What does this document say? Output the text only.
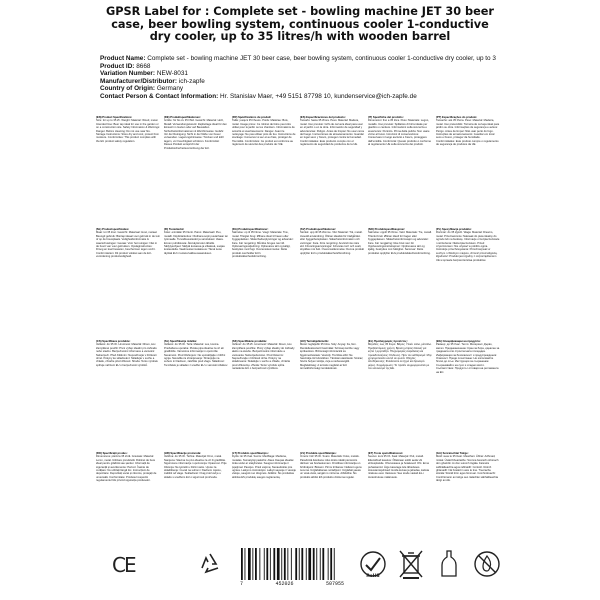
GPSR Label for : Complete set - bowling machine JET 30 beer case, beer bowling system, continuous cooler 1-conductive dry cooler, up to 35 litres/h with wooden barrel
Product Name: Complete set - bowling machine JET 30 beer case, beer bowling system, continuous cooler 1-conductive dry cooler, up to 3
Product ID: 8668
Variation Number: NEW-8031
Manufacturer/Distributor: ich-zapfe
Country of Origin: Germany
Contact Person & Contact Information: Hr. Stanislav Maer, +49 5151 87798 10, kundenservice@ich-zapfe.de
(EN) Product Specifications:
Size: for up to 35 l/h. Weight: Material: Wood, metal. Intended Use: Beer tap ideal for use in the garden or on a construction site. Safety Information & Warnings: Danger. Before cleaning: Do not use near fire. Storage Instructions: Store dry and cool, protect from moisture. Conformities: This product complies with the EU product safety regulation.
(DE) Produktspezifikationen:
Größe: für bis zu 35 l/Std. Gewicht: Material: Holz, Metall. Verwendungszweck: Zapfanlage ideal für den Einsatz im Garten oder auf Baustellen. Sicherheitsinformationen & Warnhinweise: Gefahr. Vor der Reinigung: Nicht in der Nähe von Feuer verwenden. Lagerungshinweise: Trocken und kühl lagern, vor Feuchtigkeit schützen. Konformität: Dieses Produkt entspricht der Produktsicherheitsverordnung der EU.
(FR) Spécifications du produit:
Taille: jusqu'à 35 l/heure. Poids: Matériau: Bois, métal. Usage prévu: Ce robinet de bière peut être utilisé pour le jardin ou les chantiers. Informations de sécurité et avertissements: Danger. Avant le nettoyage: Ne pas utiliser près du feu. Instructions de stockage: Conserver à sec et au frais, protéger de l'humidité. Conformités: Ce produit est conforme au règlement de sécurité des produits de l'UE.
(ES) Especificaciones del producto:
Tamaño: hasta 35 l/hora. Peso: Material: Madera, metal. Uso previsto: Grifo de cerveza ideal para usar en el jardín o en la obra. Información de seguridad y advertencias: Peligro. Antes de limpiar: No usar cerca del fuego. Instrucciones de almacenamiento: Guardar en lugar seco y fresco, proteger contra la humedad. Conformidades: Este producto cumple con el reglamento de seguridad de productos de la UE.
(IT) Specifiche del prodotto:
Dimensioni: fino a 35 l/ora. Peso: Materiale: Legno, metallo. Uso previsto: Spillatore di birra ideale per giardino o cantiere. Informazioni sulla sicurezza e avvertenze: Pericolo. Prima della pulizia: Non usare vicino al fuoco. Istruzioni di conservazione: Conservare in luogo asciutto e fresco, proteggere dall'umidità. Conformità: Questo prodotto è conforme al regolamento UE sulla sicurezza dei prodotti.
(PT) Especificações do produto:
Tamanho: até 35 l/hora. Peso: Material: Madeira, metal. Uso pretendido: Torneira de cerveja ideal para jardim ou obra. Informações de segurança e avisos: Perigo. Antes de limpar: Não usar perto do fogo. Instruções de armazenamento: Guardar em local seco e fresco, proteger da humidade. Conformidades: Este produto cumpre o regulamento de segurança de produtos da UE.
(NL) Productspecificaties:
Maat: tot 35 l/uur. Gewicht: Materiaal: Hout, metaal. Beoogd gebruik: Biertap ideaal voor gebruik in de tuin of op de bouwplaats. Veiligheidsinformatie & waarschuwingen: Gevaar. Voor het reinigen: Niet in de buurt van vuur gebruiken. Opslaginstructies: Droog en koel bewaren, beschermen tegen vocht. Conformiteiten: Dit product voldoet aan de EU-verordening productveiligheid.
(FI) Tuotetiedot:
Koko: enintään 35 l/tunti. Paino: Materiaali: Puu, metalli. Käyttötarkoitus: Oluthana sopii puutarhaan tai työmaalle. Turvallisuustiedot ja varoitukset: Vaara. Ennen puhdistusta: Älä käytä tulen lähellä. Säilytysohjeet: Säilytä kuivassa ja viileässä, suojaa kosteudelta. Vaatimustenmukaisuus: Tämä tuote täyttää EU:n tuoteturvallisuusasetuksen.
(DA) Produktspecifikationer:
Størrelse: op til 35 l/time. Vægt: Materiale: Træ, metal. Tilsigtet brug: Ølhane ideel til haven eller byggepladsen. Sikkerhedsoplysninger og advarsler: Fare. Før rengøring: Må ikke bruges nær ild. Opbevaringsvejledning: Opbevares tørt og køligt, beskyttes mod fugt. Overensstemmelse: Dette produkt overholder EU's produktsikkerhedsforordning.
(SV) Produktspecifikationer:
Storlek: upp till 35 l/timme. Vikt: Material: Trä, metall. Avsedd användning: Ölkran idealisk för trädgården eller byggarbetsplatsen. Säkerhetsinformation och varningar: Fara. Före rengöring: Använd inte nära eld. Förvaringsanvisningar: Förvaras torrt och svalt, skyddas mot fukt. Överensstämmelse: Denna produkt uppfyller EU:s produktsäkerhetsförordning.
(NO) Produktspesifikasjoner:
Størrelse: opptil 35 l/time. Vekt: Materiale: Tre, metall. Tiltenkt bruk: Ølkran ideell for hagen eller byggeplassen. Sikkerhetsinformasjon og advarsler: Fare. Før rengjøring: Ikke bruk nær ild. Oppbevaringsinstruksjoner: Oppbevares tørt og kjølig, beskyttes mot fuktighet. Samsvar: Dette produktet oppfyller EUs produktsikkerhetsforordning.
(PL) Specyfikacja produktu:
Rozmiar: do 35 l/godz. Waga: Materiał: Drewno, metal. Przeznaczenie: Nalewak do piwa idealny do ogrodu lub na budowę. Informacje o bezpieczeństwie i ostrzeżenia: Niebezpieczeństwo. Przed czyszczeniem: Nie używać w pobliżu ognia. Instrukcje przechowywania: Przechowywać w suchym i chłodnym miejscu, chronić przed wilgocią. Zgodność: Produkt jest zgodny z rozporządzeniem UE w sprawie bezpieczeństwa produktów.
(CS) Specifikace produktu:
Velikost: do 35 l/h. Hmotnost: Materiál: Dřevo, kov. Zamýšlené použití: Pivní výčep ideální pro zahradu nebo stavbu. Bezpečnostní informace a varování: Nebezpečí. Před čištěním: Nepoužívejte v blízkosti ohně. Pokyny ke skladování: Skladujte v suchu a chladu, chraňte před vlhkostí. Shoda: Tento výrobek splňuje nařízení EU o bezpečnosti výrobků.
(SL) Specifikacije izdelka:
Velikost: do 35 l/h. Teža: Material: Les, kovina. Predvidena uporaba: Pivska pipa idealna za vrt ali gradbišče. Varnostne informacije in opozorila: Nevarnost. Pred čiščenjem: Ne uporabljajte v bližini ognja. Navodila za shranjevanje: Shranjujte na suhem in hladnem, zaščitite pred vlago. Skladnost: Ta izdelek je skladen z uredbo EU o varnosti izdelkov.
(SK) Špecifikácie produktu:
Veľkosť: do 35 l/h. Hmotnosť: Materiál: Drevo, kov. Zamýšľané použitie: Pivný výčap ideálny do záhrady alebo na stavbu. Bezpečnostné informácie a varovania: Nebezpečenstvo. Pred čistením: Nepoužívajte v blízkosti ohňa. Pokyny na skladovanie: Skladujte v suchu a chlade, chráňte pred vlhkosťou. Zhoda: Tento výrobok spĺňa nariadenie EÚ o bezpečnosti výrobkov.
(HU) Termékjellemzők:
Méret: legfeljebb 35 l/óra. Súly: Anyag: Fa, fém. Rendeltetésszerű használat: Sörcsap kertbe vagy építkezésre. Biztonsági információk és figyelmeztetések: Veszély. Tisztítás előtt: Ne használja tűz közelében. Tárolási utasítások: Száraz, hűvös helyen tárolja, óvja a nedvességtől. Megfelelőség: A termék megfelel az EU termékbiztonsági rendeletének.
(EL) Προδιαγραφές προϊόντος:
Μέγεθος: έως 35 l/ώρα. Βάρος: Υλικό: Ξύλο, μέταλλο. Προβλεπόμενη χρήση: Βρύση μπίρας ιδανική για κήπο ή εργοτάξιο. Πληροφορίες ασφαλείας και προειδοποιήσεις: Κίνδυνος. Πριν τον καθαρισμό: Μην χρησιμοποιείτε κοντά σε φωτιά. Οδηγίες αποθήκευσης: Φυλάσσετε σε ξηρό και δροσερό μέρος. Συμμόρφωση: Το προϊόν συμμορφώνεται με τον κανονισμό της ΕΕ.
(BG) Спецификации на продукта:
Размер: до 35 l/час. Тегло: Материал: Дърво, метал. Предназначение: Кран за бира, идеален за градината или строителната площадка. Информация за безопасност и предупреждения: Опасност. Преди почистване: Не използвайте близо до огън. Инструкции за съхранение: Съхранявайте на сухо и хладно място. Съответствие: Продуктът отговаря на регламента на ЕС.
(RO) Specificații produs:
Dimensiune: până la 35 l/oră. Greutate: Material: Lemn, metal. Utilizare prevăzută: Robinet de bere ideal pentru grădină sau șantier. Informații de siguranță și avertismente: Pericol. Înainte de curățare: Nu utilizați lângă foc. Instrucțiuni de depozitare: Depozitați uscat și răcoros, protejați de umezeală. Conformitate: Produsul respectă regulamentul UE privind siguranța produselor.
(HR) Specifikacije proizvoda:
Veličina: do 35 l/h. Težina: Materijal: Drvo, metal. Namjena: Slavina za pivo idealna za vrt ili gradilište. Sigurnosne informacije i upozorenja: Opasnost. Prije čišćenja: Ne koristiti u blizini vatre. Upute za skladištenje: Čuvati na suhom i hladnom mjestu, zaštititi od vlage. Sukladnost: Ovaj proizvod je u skladu s uredbom EU o sigurnosti proizvoda.
(LT) Produkto specifikacijos:
Dydis: iki 35 l/val. Svoris: Medžiaga: Mediena, metalas. Numatytoji paskirtis: Alaus čiaupas idealiai tinka sodui ar statybvietei. Saugos informacija ir įspėjimai: Pavojus. Prieš valymą: Nenaudokite prie ugnies. Laikymo instrukcijos: Laikyti sausoje ir vėsioje vietoje, saugoti nuo drėgmės. Atitiktis: Šis produktas atitinka ES produktų saugos reglamentą.
(LV) Produkta specifikācijas:
Izmērs: līdz 35 l/h. Svars: Materiāls: Koks, metāls. Paredzētā lietošana: Alus krāns ideāli piemērots dārzam vai būvlaukumam. Drošības informācija un brīdinājumi: Bīstami. Pirms tīrīšanas: Nelietot uguns tuvumā. Uzglabāšanas norādījumi: Uzglabāt sausā un vēsā vietā, sargāt no mitruma. Atbilstība: Šis produkts atbilst ES produktu drošuma regulai.
(ET) Toote spetsifikatsioon:
Suurus: kuni 35 l/h. Kaal: Materjal: Puit, metall. Ettenähtud kasutus: Õllekraan sobib aeda või ehitusplatsile. Ohutusteave ja hoiatused: Oht. Enne puhastamist: Ärge kasutage tule läheduses. Hoiustamisjuhised: Hoida kuivas ja jahedas, kaitsta niiskuse eest. Vastavus: See toode vastab EL-i tooteohutuse määrusele.
(GA) Sonraíochtaí Táirge:
Méid: suas le 35 l/uair. Meáchan: Ábhar: Adhmad, miotal. Úsáid bheartaithe: Sconna beorach oiriúnach don ghairdín nó don suíomh tógála. Faisnéis sábháilteachta agus rabhaidh: Contúirt. Roimh ghlanadh: Ná húsáid in aice le tine. Treoracha stórála: Stóráil tirim agus fionnuar. Comhréireacht: Comhlíonann an táirge seo rialachán sábháilteachta táirgí an AE.
CE
7	452026	507955
RoHS
